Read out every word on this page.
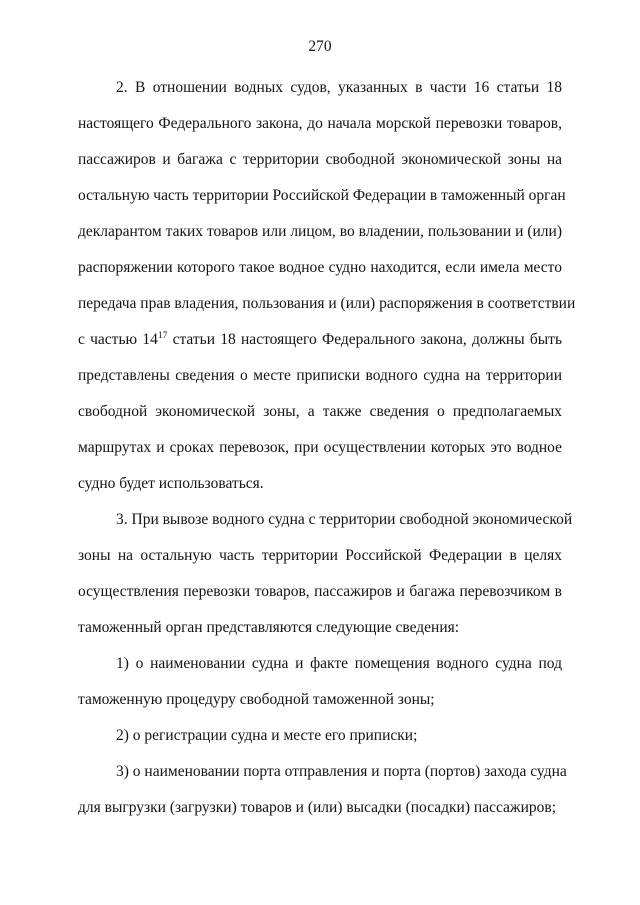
270
2. В отношении водных судов, указанных в части 16 статьи 18
настоящего Федерального закона, до начала морской перевозки товаров,
пассажиров и багажа с территории свободной экономической зоны на
остальную часть территории Российской Федерации в таможенный орган
декларантом таких товаров или лицом, во владении, пользовании и (или)
распоряжении которого такое водное судно находится, если имела место
передача прав владения, пользования и (или) распоряжения в соответствии
с частью $14^{17}$ статьи 18 настоящего Федерального закона, должны быть
представлены сведения о месте приписки водного судна на территории
свободной экономической зоны, а также сведения о предполагаемых
маршрутах и сроках перевозок, при осуществлении которых это водное
судно будет использоваться.
3. При вывозе водного судна с территории свободной экономической
зоны на остальную часть территории Российской Федерации в целях
осуществления перевозки товаров, пассажиров и багажа перевозчиком в
таможенный орган представляются следующие сведения:
1) о наименовании судна и факте помещения водного судна под
таможенную процедуру свободной таможенной зоны;
2) о регистрации судна и месте его приписки;
3) о наименовании порта отправления и порта (портов) захода судна
для выгрузки (загрузки) товаров и (или) высадки (посадки) пассажиров;
